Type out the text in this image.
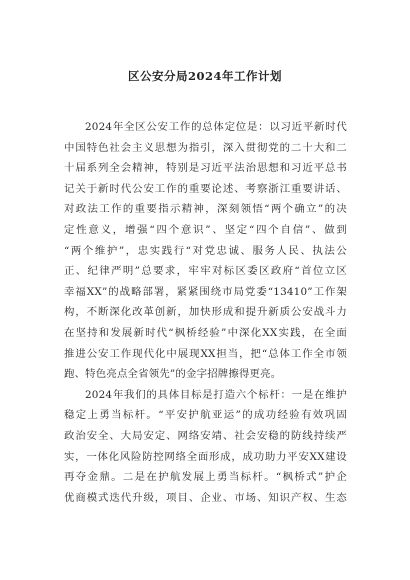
区公安分局2024年工作计划
2024年全区公安工作的总体定位是：以习近平新时代
中国特色社会主义思想为指引，深入贯彻党的二十大和二
十届系列全会精神，特别是习近平法治思想和习近平总书
记关于新时代公安工作的重要论述、考察浙江重要讲话、
对政法工作的重要指示精神，深刻领悟“两个确立”的决
定性意义，增强“四个意识”、坚定“四个自信”、做到
“两个维护”，忠实践行“对党忠诚、服务人民、执法公
正、纪律严明”总要求，牢牢对标区委区政府“首位立区
幸福XX”的战略部署，紧紧围绕市局党委“13410”工作架
构，不断深化改革创新，加快形成和提升新质公安战斗力
在坚持和发展新时代“枫桥经验”中深化XX实践，在全面
推进公安工作现代化中展现XX担当，把“总体工作全市领
跑、特色亮点全省领先”的金字招牌擦得更亮。
2024年我们的具体目标是打造六个标杆：一是在维护
稳定上勇当标杆。“平安护航亚运”的成功经验有效巩固
政治安全、大局安定、网络安靖、社会安稳的防线持续严
实，一体化风险防控网络全面形成，成功助力平安XX建设
再夺金鼎。二是在护航发展上勇当标杆。“枫桥式”护企
优商模式迭代升级，项目、企业、市场、知识产权、生态
